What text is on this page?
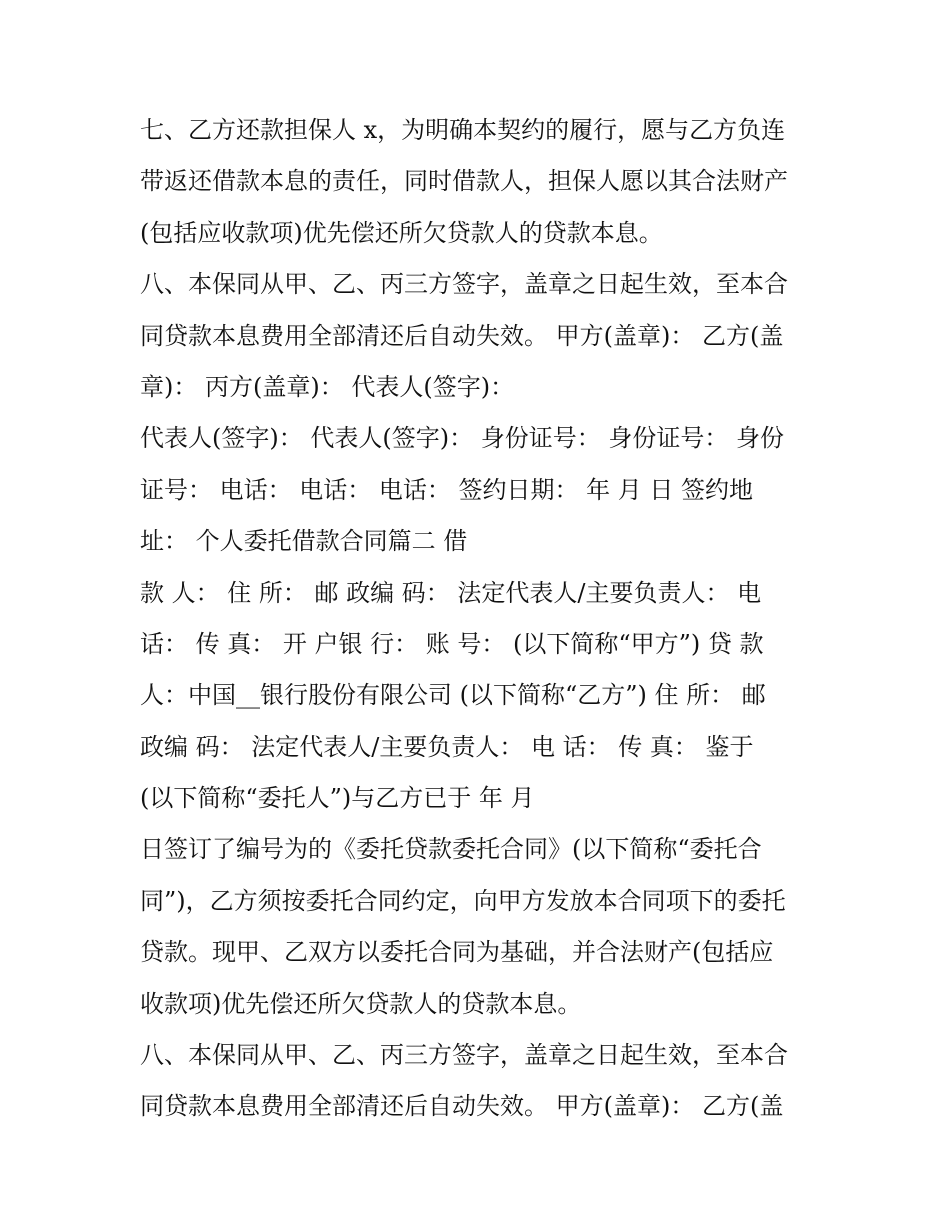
七、乙方还款担保人 x，为明确本契约的履行，愿与乙方负连
带返还借款本息的责任，同时借款人，担保人愿以其合法财产
(包括应收款项)优先偿还所欠贷款人的贷款本息。
八、本保同从甲、乙、丙三方签字，盖章之日起生效，至本合
同贷款本息费用全部清还后自动失效。 甲方(盖章)： 乙方(盖
章)： 丙方(盖章)： 代表人(签字)：
代表人(签字)： 代表人(签字)： 身份证号： 身份证号： 身份
证号： 电话： 电话： 电话： 签约日期： 年 月 日 签约地
址： 个人委托借款合同篇二 借
款 人： 住 所： 邮 政编 码： 法定代表人/主要负责人： 电
话： 传 真： 开 户银 行： 账 号： (以下简称“甲方”) 贷 款
人：中国__银行股份有限公司 (以下简称“乙方”) 住 所： 邮
政编 码： 法定代表人/主要负责人： 电 话： 传 真： 鉴于
(以下简称“委托人”)与乙方已于 年 月
日签订了编号为的《委托贷款委托合同》(以下简称“委托合
同”)，乙方须按委托合同约定，向甲方发放本合同项下的委托
贷款。现甲、乙双方以委托合同为基础，并合法财产(包括应
收款项)优先偿还所欠贷款人的贷款本息。
八、本保同从甲、乙、丙三方签字，盖章之日起生效，至本合
同贷款本息费用全部清还后自动失效。 甲方(盖章)： 乙方(盖
